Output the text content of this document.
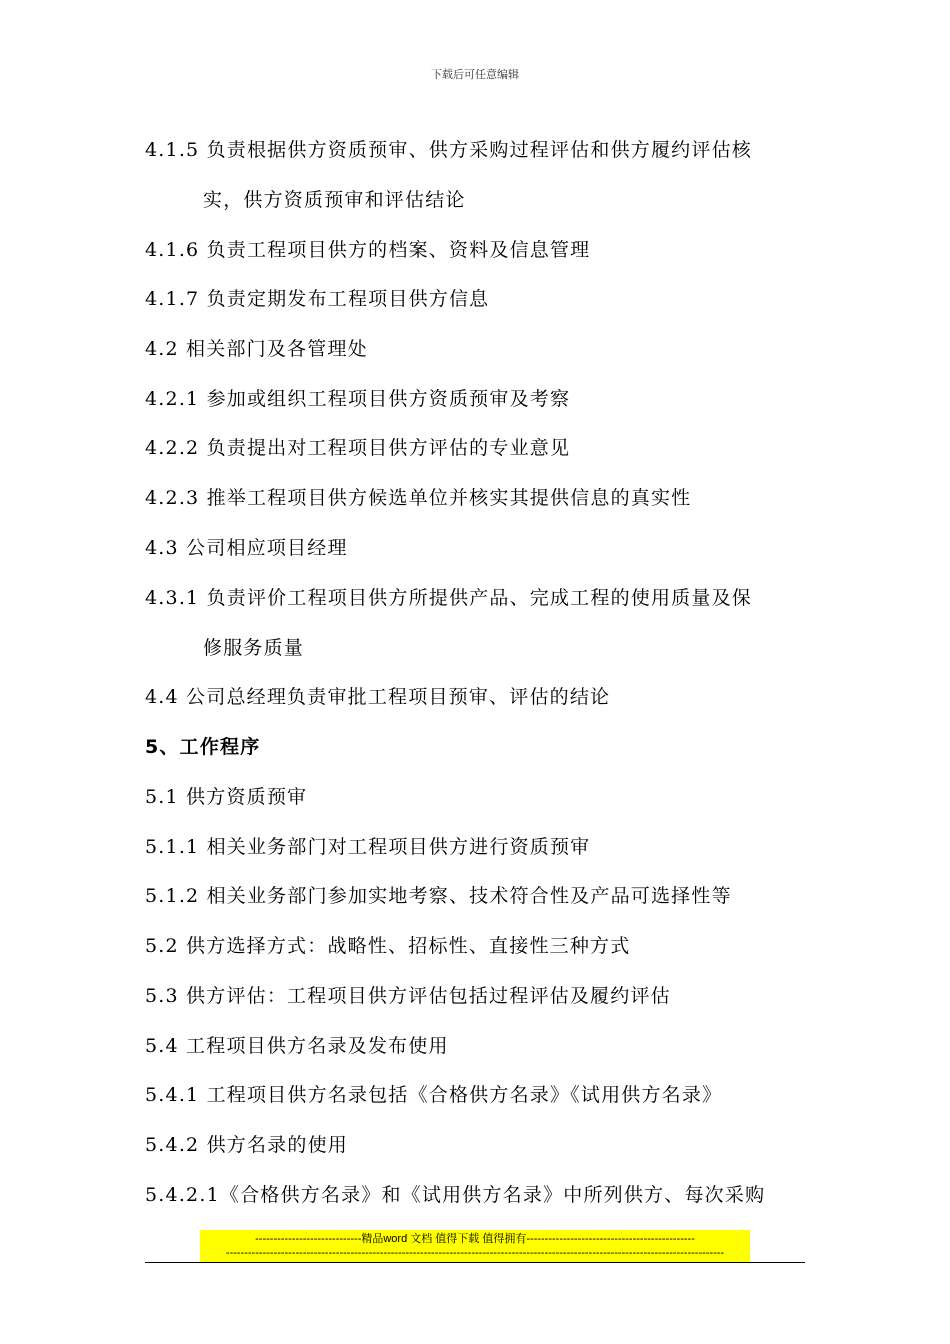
下载后可任意编辑
4.1.5 负责根据供方资质预审、供方采购过程评估和供方履约评估核
实，供方资质预审和评估结论
4.1.6 负责工程项目供方的档案、资料及信息管理
4.1.7 负责定期发布工程项目供方信息
4.2 相关部门及各管理处
4.2.1 参加或组织工程项目供方资质预审及考察
4.2.2 负责提出对工程项目供方评估的专业意见
4.2.3 推举工程项目供方候选单位并核实其提供信息的真实性
4.3 公司相应项目经理
4.3.1 负责评价工程项目供方所提供产品、完成工程的使用质量及保
修服务质量
4.4 公司总经理负责审批工程项目预审、评估的结论
5、工作程序
5.1 供方资质预审
5.1.1 相关业务部门对工程项目供方进行资质预审
5.1.2 相关业务部门参加实地考察、技术符合性及产品可选择性等
5.2 供方选择方式：战略性、招标性、直接性三种方式
5.3 供方评估：工程项目供方评估包括过程评估及履约评估
5.4 工程项目供方名录及发布使用
5.4.1 工程项目供方名录包括《合格供方名录》《试用供方名录》
5.4.2 供方名录的使用
5.4.2.1《合格供方名录》和《试用供方名录》中所列供方、每次采购
-----------------------------精品word 文档 值得下载 值得拥有----------------------------------------------
----------------------------------------------------------------------------------------------------------------------------------------
